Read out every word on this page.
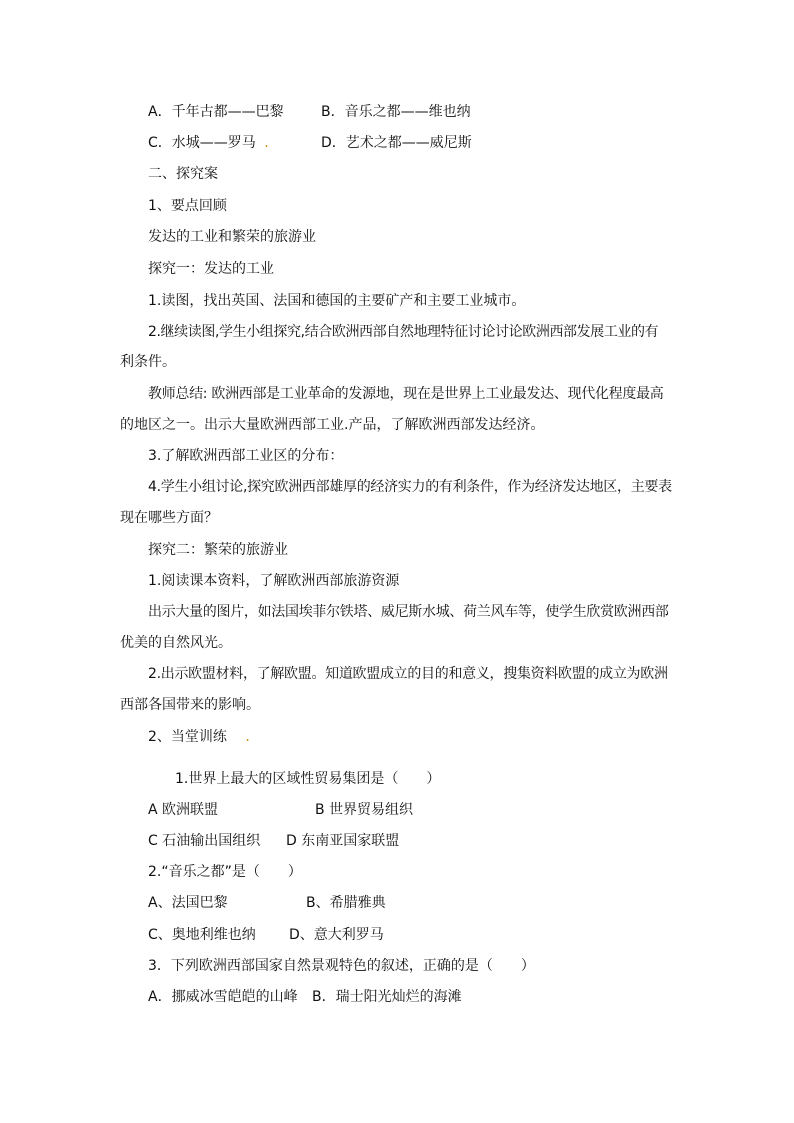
A．千年古都——巴黎	B．音乐之都——维也纳
C．水城——罗马 .	D．艺术之都——威尼斯
二、探究案
1、要点回顾
发达的工业和繁荣的旅游业
探究一：发达的工业
1.读图，找出英国、法国和德国的主要矿产和主要工业城市。
2.继续读图,学生小组探究,结合欧洲西部自然地理特征讨论讨论欧洲西部发展工业的有
利条件。
教师总结: 欧洲西部是工业革命的发源地，现在是世界上工业最发达、现代化程度最高
的地区之一。出示大量欧洲西部工业.产品，了解欧洲西部发达经济。
3.了解欧洲西部工业区的分布：
4.学生小组讨论,探究欧洲西部雄厚的经济实力的有利条件，作为经济发达地区，主要表
现在哪些方面？
探究二：繁荣的旅游业
1.阅读课本资料，了解欧洲西部旅游资源
出示大量的图片，如法国埃菲尔铁塔、威尼斯水城、荷兰风车等，使学生欣赏欧洲西部
优美的自然风光。
2.出示欧盟材料，了解欧盟。知道欧盟成立的目的和意义，搜集资料欧盟的成立为欧洲
西部各国带来的影响。
2、当堂训练 .
1.世界上最大的区域性贸易集团是（　　）
A 欧洲联盟	B 世界贸易组织
C 石油输出国组织 D 东南亚国家联盟
2.“音乐之都”是（　　）
A、法国巴黎	B、希腊雅典
C、奥地利维也纳 D、意大利罗马
3．下列欧洲西部国家自然景观特色的叙述，正确的是（　　）
A．挪威冰雪皑皑的山峰 B．瑞士阳光灿烂的海滩
